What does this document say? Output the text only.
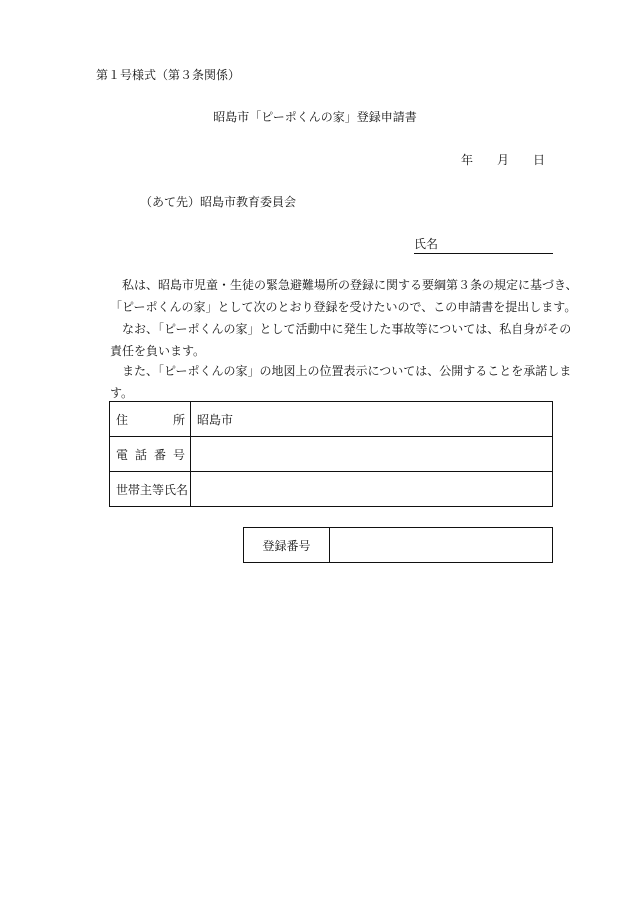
第１号様式（第３条関係）
昭島市「ピーポくんの家」登録申請書
年 月 日
（あて先）昭島市教育委員会
氏名
　私は、昭島市児童・生徒の緊急避難場所の登録に関する要綱第３条の規定に基づき、
「ピーポくんの家」として次のとおり登録を受けたいので、この申請書を提出します。
　なお、「ピーポくんの家」として活動中に発生した事故等については、私自身がその
責任を負います。
　また、「ピーポくんの家」の地図上の位置表示については、公開することを承諾しま
す。
住 所	昭島市

電 話 番 号	

世帯主等氏名	
登録番号	
